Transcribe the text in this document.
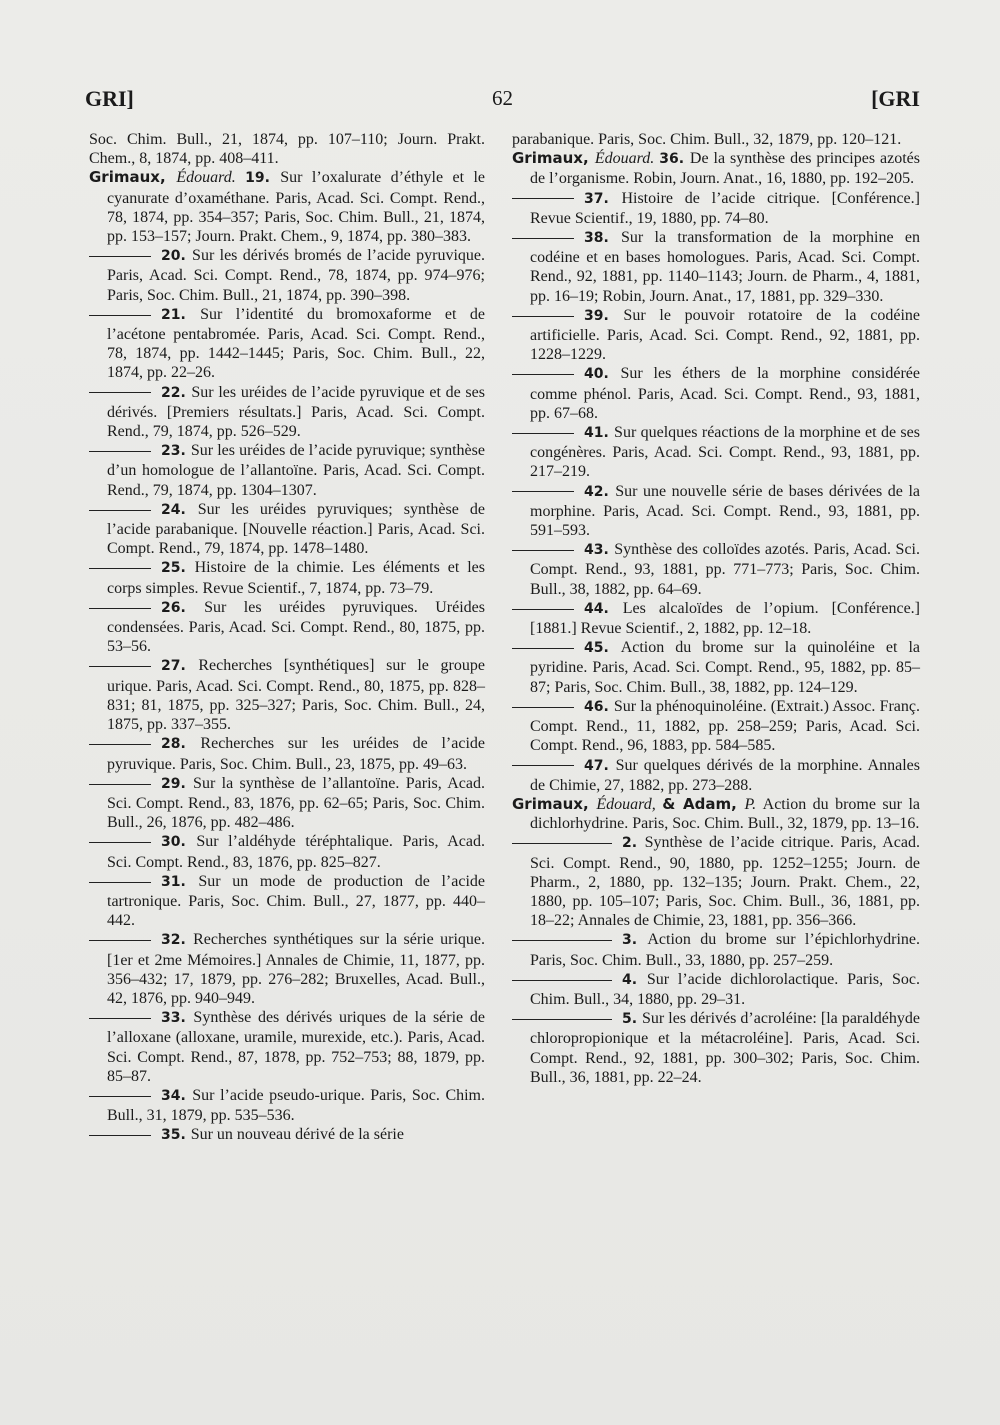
GRI]	62	[GRI
Soc. Chim. Bull., 21, 1874, pp. 107–110; Journ. Prakt. Chem., 8, 1874, pp. 408–411.
Grimaux, Édouard. 19. Sur l’oxalurate d’éthyle et le cyanurate d’oxaméthane. Paris, Acad. Sci. Compt. Rend., 78, 1874, pp. 354–357; Paris, Soc. Chim. Bull., 21, 1874, pp. 153–157; Journ. Prakt. Chem., 9, 1874, pp. 380–383.
20. Sur les dérivés bromés de l’acide pyruvique. Paris, Acad. Sci. Compt. Rend., 78, 1874, pp. 974–976; Paris, Soc. Chim. Bull., 21, 1874, pp. 390–398.
21. Sur l’identité du bromoxaforme et de l’acétone pentabromée. Paris, Acad. Sci. Compt. Rend., 78, 1874, pp. 1442–1445; Paris, Soc. Chim. Bull., 22, 1874, pp. 22–26.
22. Sur les uréides de l’acide pyruvique et de ses dérivés. [Premiers résultats.] Paris, Acad. Sci. Compt. Rend., 79, 1874, pp. 526–529.
23. Sur les uréides de l’acide pyruvique; synthèse d’un homologue de l’allantoïne. Paris, Acad. Sci. Compt. Rend., 79, 1874, pp. 1304–1307.
24. Sur les uréides pyruviques; synthèse de l’acide parabanique. [Nouvelle réaction.] Paris, Acad. Sci. Compt. Rend., 79, 1874, pp. 1478–1480.
25. Histoire de la chimie. Les éléments et les corps simples. Revue Scientif., 7, 1874, pp. 73–79.
26. Sur les uréides pyruviques. Uréides condensées. Paris, Acad. Sci. Compt. Rend., 80, 1875, pp. 53–56.
27. Recherches [synthétiques] sur le groupe urique. Paris, Acad. Sci. Compt. Rend., 80, 1875, pp. 828–831; 81, 1875, pp. 325–327; Paris, Soc. Chim. Bull., 24, 1875, pp. 337–355.
28. Recherches sur les uréides de l’acide pyruvique. Paris, Soc. Chim. Bull., 23, 1875, pp. 49–63.
29. Sur la synthèse de l’allantoïne. Paris, Acad. Sci. Compt. Rend., 83, 1876, pp. 62–65; Paris, Soc. Chim. Bull., 26, 1876, pp. 482–486.
30. Sur l’aldéhyde téréphtalique. Paris, Acad. Sci. Compt. Rend., 83, 1876, pp. 825–827.
31. Sur un mode de production de l’acide tartronique. Paris, Soc. Chim. Bull., 27, 1877, pp. 440–442.
32. Recherches synthétiques sur la série urique. [1er et 2me Mémoires.] Annales de Chimie, 11, 1877, pp. 356–432; 17, 1879, pp. 276–282; Bruxelles, Acad. Bull., 42, 1876, pp. 940–949.
33. Synthèse des dérivés uriques de la série de l’alloxane (alloxane, uramile, murexide, etc.). Paris, Acad. Sci. Compt. Rend., 87, 1878, pp. 752–753; 88, 1879, pp. 85–87.
34. Sur l’acide pseudo-urique. Paris, Soc. Chim. Bull., 31, 1879, pp. 535–536.
35. Sur un nouveau dérivé de la série
parabanique. Paris, Soc. Chim. Bull., 32, 1879, pp. 120–121.
Grimaux, Édouard. 36. De la synthèse des principes azotés de l’organisme. Robin, Journ. Anat., 16, 1880, pp. 192–205.
37. Histoire de l’acide citrique. [Conférence.] Revue Scientif., 19, 1880, pp. 74–80.
38. Sur la transformation de la morphine en codéine et en bases homologues. Paris, Acad. Sci. Compt. Rend., 92, 1881, pp. 1140–1143; Journ. de Pharm., 4, 1881, pp. 16–19; Robin, Journ. Anat., 17, 1881, pp. 329–330.
39. Sur le pouvoir rotatoire de la codéine artificielle. Paris, Acad. Sci. Compt. Rend., 92, 1881, pp. 1228–1229.
40. Sur les éthers de la morphine considérée comme phénol. Paris, Acad. Sci. Compt. Rend., 93, 1881, pp. 67–68.
41. Sur quelques réactions de la morphine et de ses congénères. Paris, Acad. Sci. Compt. Rend., 93, 1881, pp. 217–219.
42. Sur une nouvelle série de bases dérivées de la morphine. Paris, Acad. Sci. Compt. Rend., 93, 1881, pp. 591–593.
43. Synthèse des colloïdes azotés. Paris, Acad. Sci. Compt. Rend., 93, 1881, pp. 771–773; Paris, Soc. Chim. Bull., 38, 1882, pp. 64–69.
44. Les alcaloïdes de l’opium. [Conférence.] [1881.] Revue Scientif., 2, 1882, pp. 12–18.
45. Action du brome sur la quinoléine et la pyridine. Paris, Acad. Sci. Compt. Rend., 95, 1882, pp. 85–87; Paris, Soc. Chim. Bull., 38, 1882, pp. 124–129.
46. Sur la phénoquinoléine. (Extrait.) Assoc. Franç. Compt. Rend., 11, 1882, pp. 258–259; Paris, Acad. Sci. Compt. Rend., 96, 1883, pp. 584–585.
47. Sur quelques dérivés de la morphine. Annales de Chimie, 27, 1882, pp. 273–288.
Grimaux, Édouard, & Adam, P. Action du brome sur la dichlorhydrine. Paris, Soc. Chim. Bull., 32, 1879, pp. 13–16.
2. Synthèse de l’acide citrique. Paris, Acad. Sci. Compt. Rend., 90, 1880, pp. 1252–1255; Journ. de Pharm., 2, 1880, pp. 132–135; Journ. Prakt. Chem., 22, 1880, pp. 105–107; Paris, Soc. Chim. Bull., 36, 1881, pp. 18–22; Annales de Chimie, 23, 1881, pp. 356–366.
3. Action du brome sur l’épichlorhydrine. Paris, Soc. Chim. Bull., 33, 1880, pp. 257–259.
4. Sur l’acide dichlorolactique. Paris, Soc. Chim. Bull., 34, 1880, pp. 29–31.
5. Sur les dérivés d’acroléine: [la paraldéhyde chloropropionique et la métacroléine]. Paris, Acad. Sci. Compt. Rend., 92, 1881, pp. 300–302; Paris, Soc. Chim. Bull., 36, 1881, pp. 22–24.
